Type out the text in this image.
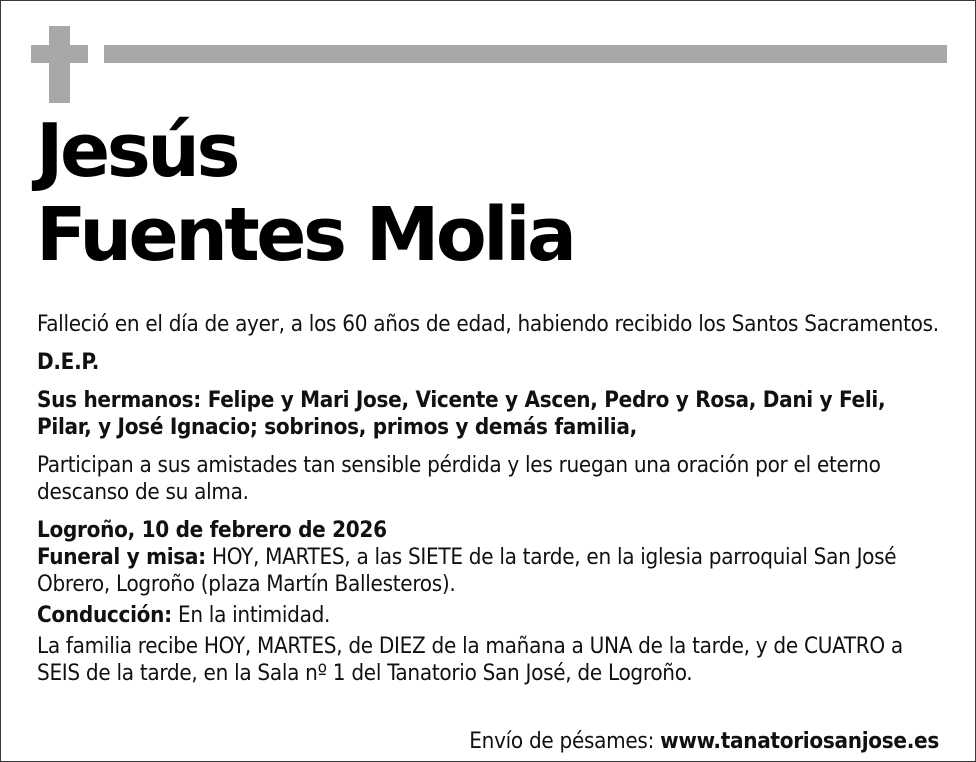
Jesús
Fuentes Molia

Falleció en el día de ayer, a los 60 años de edad, habiendo recibido los Santos Sacramentos.

D.E.P.

Sus hermanos: Felipe y Mari Jose, Vicente y Ascen, Pedro y Rosa, Dani y Feli, Pilar, y José Ignacio; sobrinos, primos y demás familia,

Participan a sus amistades tan sensible pérdida y les ruegan una oración por el eterno descanso de su alma.

Logroño, 10 de febrero de 2026

Funeral y misa: HOY, MARTES, a las SIETE de la tarde, en la iglesia parroquial San José Obrero, Logroño (plaza Martín Ballesteros).

Conducción: En la intimidad.

La familia recibe HOY, MARTES, de DIEZ de la mañana a UNA de la tarde, y de CUATRO a SEIS de la tarde, en la Sala nº 1 del Tanatorio San José, de Logroño.

Envío de pésames: www.tanatoriosanjose.es
